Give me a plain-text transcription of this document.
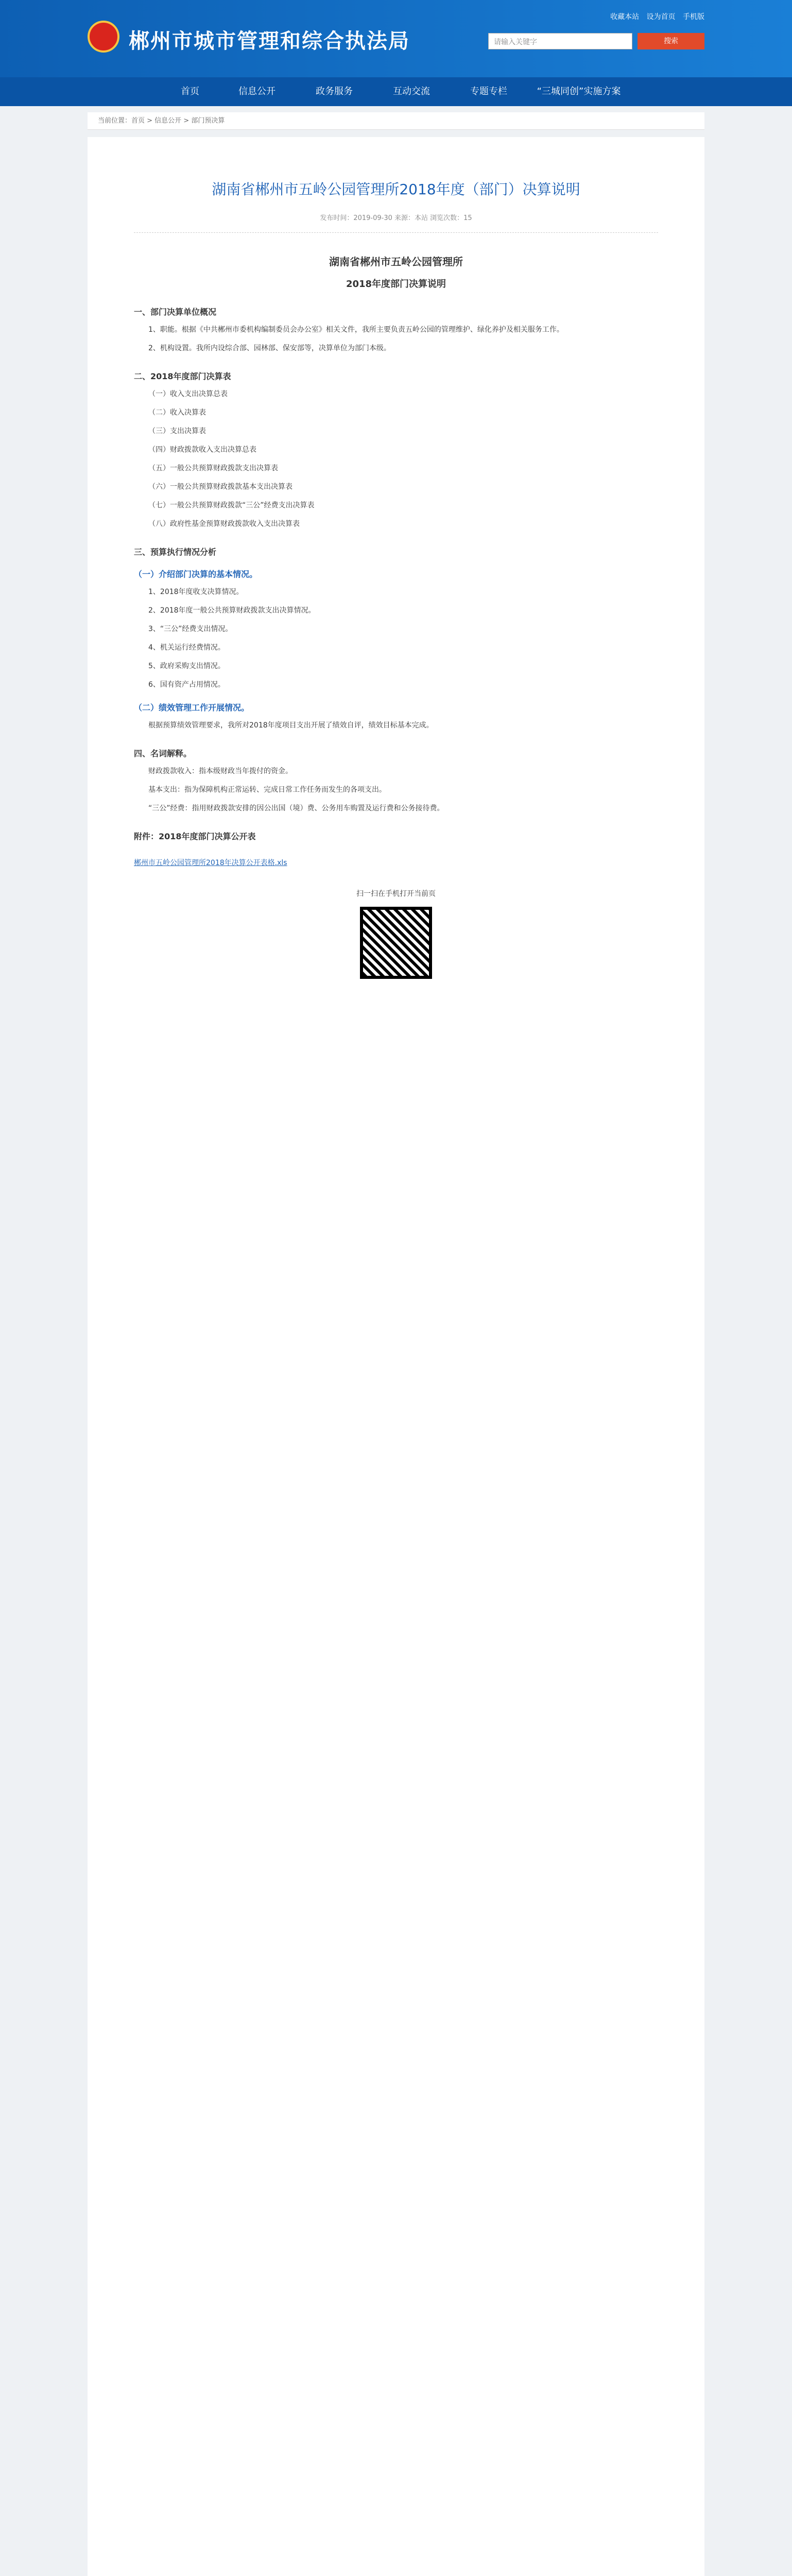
郴州市城市管理和综合执法局
收藏本站 设为首页 手机版
请输入关键字	搜索
首页	信息公开	政务服务	互动交流	专题专栏	“三城同创”实施方案
当前位置：首页 > 信息公开 > 部门预决算
湖南省郴州市五岭公园管理所2018年度（部门）决算说明
发布时间：2019-09-30 来源：本站 浏览次数：15
湖南省郴州市五岭公园管理所
2018年度部门决算说明
一、部门决算单位概况
1、职能。根据《中共郴州市委机构编制委员会办公室》相关文件，我所主要负责五岭公园的管理维护、绿化养护及相关服务工作。
2、机构设置。我所内设综合部、园林部、保安部等，决算单位为部门本级。
二、2018年度部门决算表
（一）收入支出决算总表
（二）收入决算表
（三）支出决算表
（四）财政拨款收入支出决算总表
（五）一般公共预算财政拨款支出决算表
（六）一般公共预算财政拨款基本支出决算表
（七）一般公共预算财政拨款“三公”经费支出决算表
（八）政府性基金预算财政拨款收入支出决算表
三、预算执行情况分析
（一）介绍部门决算的基本情况。
1、2018年度收支决算情况。
2、2018年度一般公共预算财政拨款支出决算情况。
3、“三公”经费支出情况。
4、机关运行经费情况。
5、政府采购支出情况。
6、国有资产占用情况。
（二）绩效管理工作开展情况。
根据预算绩效管理要求，我所对2018年度项目支出开展了绩效自评，绩效目标基本完成。
四、名词解释。
财政拨款收入：指本级财政当年拨付的资金。
基本支出：指为保障机构正常运转、完成日常工作任务而发生的各项支出。
“三公”经费：指用财政拨款安排的因公出国（境）费、公务用车购置及运行费和公务接待费。
附件：2018年度部门决算公开表
郴州市五岭公园管理所2018年决算公开表格.xls
扫一扫在手机打开当前页
